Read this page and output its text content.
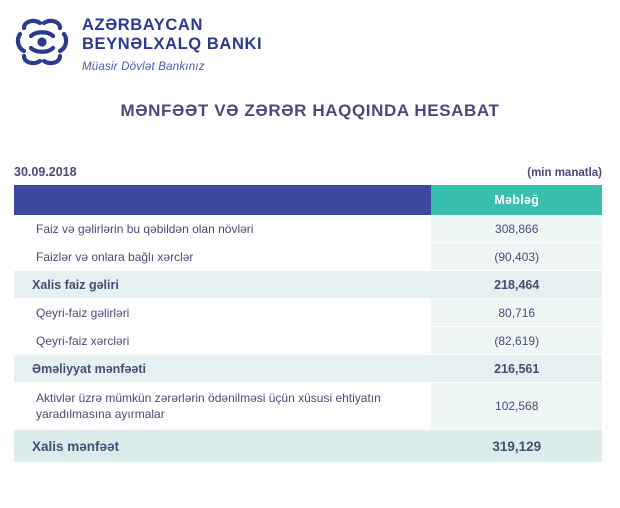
AZƏRBAYCAN
BEYNƏLXALQ BANKI
Müasir Dövlət Bankınız
MƏNFƏƏT VƏ ZƏRƏR HAQQINDA HESABAT
30.09.2018	(min manatla)
	Məbləğ
Faiz və gəlirlərin bu qəbildən olan növləri	308,866
Faizlər və onlara bağlı xərclər	(90,403)
Xalis faiz gəliri	218,464
Qeyri-faiz gəlirləri	80,716
Qeyri-faiz xərcləri	(82,619)
Əməliyyat mənfəəti	216,561
Aktivlər üzrə mümkün zərərlərin ödənilməsi üçün xüsusi ehtiyatın yaradılmasına ayırmalar	102,568
Xalis mənfəət	319,129
